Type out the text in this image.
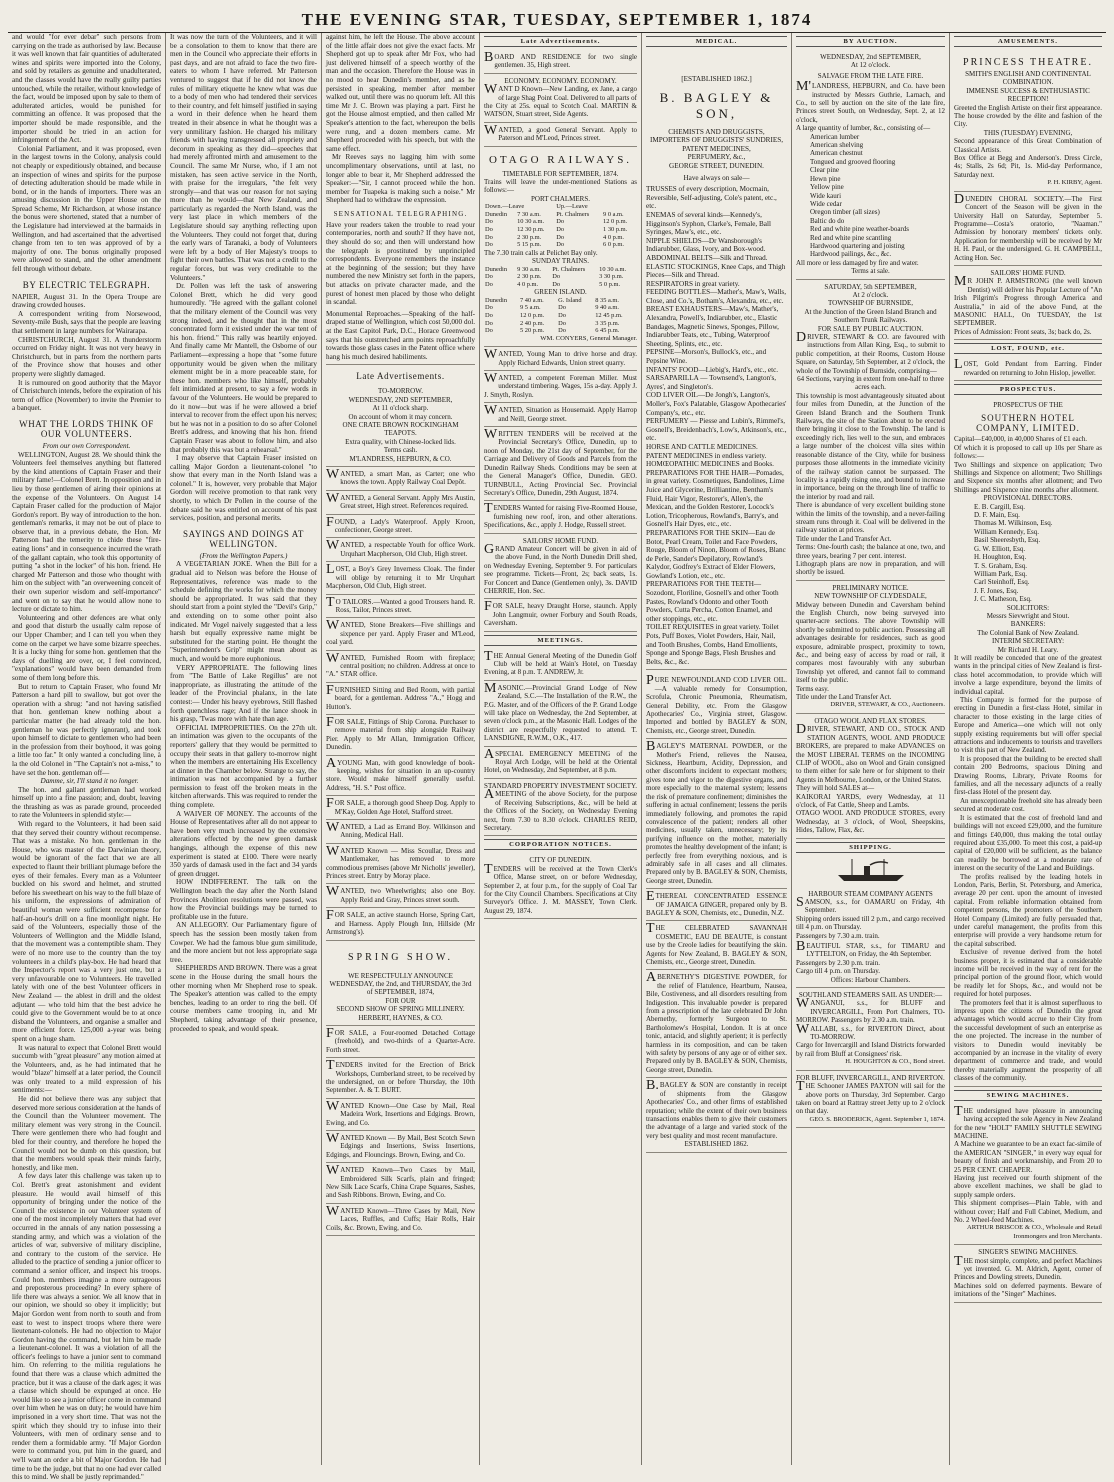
THE EVENING STAR, TUESDAY, SEPTEMBER 1, 1874

and would "for ever debar" such persons from carrying on the trade as authorised by law. Because it was well known that fair quantities of adulterated wines and spirits were imported into the Colony, and sold by retailers as genuine and unadulterated, and the classes would have the really guilty parties untouched, while the retailer, without knowledge of the fact, would be imposed upon by sale to them of adulterated articles, would be punished for committing an offence. It was proposed that the importer should be made responsible, and the importer should be tried in an action for infringement of the Act.

Colonial Parliament, and it was proposed, even in the largest towns in the Colony, analysis could not cheaply or expeditiously obtained, and because an inspection of wines and spirits for the purpose of detecting adulteration should be made while in bond, or in the hands of importers. There was an amusing discussion in the Upper House on the Spread Scheme, Mr Richardson, at whose instance the bonus were shortened, stated that a number of the Legislature had interviewed at the barmaids in Wellington, and had ascertained that the advertised change from ten to ten was approved of by a majority of one. The bonus originally proposed were allowed to stand, and the other amendment fell through without debate.

BY ELECTRIC TELEGRAPH.

NAPIER, August 31. In the Opera Troupe are drawing crowded houses.

A correspondent writing from Norsewood, Seventy-mile Bush, says that the people are leaving that settlement in large numbers for Wairarapa.

CHRISTCHURCH, August 31. A thunderstorm occurred on Friday night. It was not very heavy in Christchurch, but in parts from the northern parts of the Province show that houses and other property were slightly damaged.

It is rumoured on good authority that the Mayor of Christchurch intends, before the expiration of his term of office (November) to invite the Premier to a banquet.

WHAT THE LORDS THINK OF OUR VOLUNTEERS.

From our own Correspondent.

WELLINGTON, August 28. We should think the Volunteers feel themselves anything but flattered by the kind attentions of Captain Fraser and their military fame!—Colonel Brett. In opposition and in lieu by those gentlemen of airing their opinions at the expense of the Volunteers. On August 14 Captain Fraser called for the production of Major Gordon's report. By way of introduction to the hon. gentleman's remarks, it may not be out of place to observe that, in a previous debate, the Hon. Mr Patterson had the temerity to chide these "fire-eating lions" and in consequence incurred the wrath of the gallant captain, who took this opportunity of putting "a shot in the locker" of his hon. friend. He charged Mr Patterson and those who thought with him on the subject with "an overweening conceit of their own superior wisdom and self-importance" and went on to say that he would allow none to lecture or dictate to him.

Volunteering and other defences are what only and good that disturb the usually calm repose of our Upper Chamber; and I can tell you when they come on the carpet we have some bizarre speeches. It is a lucky thing for some hon. gentlemen that the days of duelling are over, or, I feel convinced, "explanations" would have been demanded from some of them long before this.

But to return to Captain Fraser, who found Mr Patterson a hard pill to swallow, but got over the operation with a shrug: "and not having satisfied that hon. gentleman knew nothing about a particular matter (he had already told the hon. gentleman he was perfectly ignorant), and took upon himself to dictate to gentlemen who had been in the profession from their boyhood, it was going a little too far." It only wanted a concluding line, à la the old Colonel in "The Captain's not a-miss," to have set the hon. gentleman off—

Damme, sir, I'll stand it no longer.

The hon. and gallant gentleman had worked himself up into a fine passion; and, doubt, leaving the thrashing as was as parade ground, proceeded to rate the Volunteers in splendid style:—

With regard to the Volunteers, it had been said that they served their country without recompense. That was a mistake. No hon. gentleman in the House, who was master of the Darwinian theory, would be ignorant of the fact that we are all expected to flaunt their brilliant plumage before the eyes of their females. Every man as a Volunteer buckled on his sword and helmet, and strutted before his sweetheart on his way to the full blaze of his uniform, the expressions of admiration of beautiful woman were sufficient recompense for half-an-hour's drill on a fine moonlight night. He said of the Volunteers, especially those of the Volunteers of Wellington and the Middle Island, that the movement was a contemptible sham. They were of no more use to the country than the toy volunteers in a child's play-box. He had heard that the Inspector's report was a very just one, but a very unfavourable one to Volunteers. He travelled lately with one of the best Volunteer officers in New Zealand — the ablest in drill and the oldest adjutant — who told him that the best advice he could give to the Government would be to at once disband the Volunteers, and organise a smaller and more efficient force. 125,000 a-year was being spent on a huge sham.

It was natural to expect that Colonel Brett would succumb with "great pleasure" any motion aimed at the Volunteers, and, as he had intimated that he would "blaze" himself at a later period, the Council was only treated to a mild expression of his sentiments:—

He did not believe there was any subject that deserved more serious consideration at the hands of the Council than the Volunteer movement. The military element was very strong in the Council. There were gentlemen there who had fought and bled for their country, and therefore he hoped the Council would not be dumb on this question, but that the members would speak their minds fairly, honestly, and like men.

A few days later this challenge was taken up to Col. Brett's great astonishment and evident pleasure. He would avail himself of this opportunity of bringing under the notice of the Council the existence in our Volunteer system of one of the most incompletely matters that had ever occurred in the annals of any nation possessing a standing army, and which was a violation of the articles of war, subversive of military discipline, and contrary to the custom of the service. He alluded to the practice of sending a junior officer to command a senior officer, and inspect his troops. Could hon. members imagine a more outrageous and preposterous proceeding? In every sphere of life there was always a senior. We all know that in our opinion, we should so obey it implicitly; but Major Gordon went from north to south and from east to west to inspect troops where there were lieutenant-colonels. He had no objection to Major Gordon having the command, but let him be made a lieutenant-colonel. It was a violation of all the officer's feelings to have a junior sent to command him. On referring to the militia regulations he found that there was a clause which admitted the practice, but it was a clause of the dark ages; it was a clause which should be expunged at once. He would like to see a junior officer come in command over him when he was on duty; he would have him imprisoned in a very short time. That was not the spirit which they should try to infuse into their Volunteers, with men of ordinary sense and to render them a formidable army. "If Major Gordon were to command you, put him in the guard, and we'll want an order a bit of Major Gordon. He had time to be the judge, but that no one had ever called this to mind. We shall be justly reprimanded."

It was now the turn of the Volunteers, and it will be a consolation to them to know that there are men in the Council who appreciate their efforts in past days, and are not afraid to face the two fire-eaters to whom I have referred. Mr Patterson ventured to suggest that if he did not know the rules of military etiquette he knew what was due to a body of men who had tendered their services to their country, and felt himself justified in saying a word in their defence when he heard them treated in their absence in what he thought was a very unmilitary fashion. He charged his military friends with having transgressed all propriety and decorum in speaking as they did—speeches that had merely affronted mirth and amusement to the Council. The same Mr Nurse, who, if I am not mistaken, has seen active service in the North, with praise for the irregulars, "the felt very strongly—and that was our reason for not saying more than he would—that New Zealand, and particularly as regarded the North Island, was the very last place in which members of the Legislature should say anything reflecting upon the Volunteers. They could not forget that, during the early wars of Taranaki, a body of Volunteers were left by a body of Her Majesty's troops to fight their own battles. That was not a credit to the regular forces, but was very creditable to the Volunteers."

Dr. Pollen was left the task of answering Colonel Brett, which he did very good humouredly. "He agreed with the gallant colonel that the military element of the Council was very strong indeed, and he thought that in the most concentrated form it existed under the war tent of his hon. friend." This rally was heartily enjoyed. And finally came Mr Mantell, the Osborne of our Parliament—expressing a hope that "some future opportunity would be given when the military element might be in a more peaceable state, for these hon. members who like himself, probably felt intimidated at present, to say a few words in favour of the Volunteers. He would be prepared to do it now—but was if he were allowed a brief interval to recover from the effect upon his nerves; but he was not in a position to do so after Colonel Brett's address, and knowing that his hon. friend Captain Fraser was about to follow him, and also that probably this was but a rehearsal."

I may observe that Captain Fraser insisted on calling Major Gordon a lieutenant-colonel "to show that every man in the North Island was a colonel." It is, however, very probable that Major Gordon will receive promotion to that rank very shortly, to which Dr Pollen in the course of the debate said he was entitled on account of his past services, position, and personal merits.

SAYINGS AND DOINGS AT WELLINGTON.

(From the Wellington Papers.)

A VEGETARIAN JOKE. When the Bill for a gradual aid to Nelson was before the House of Representatives, reference was made to the schedule defining the works for which the money should be appropriated. It was said that they should start from a point styled the "Devil's Grip," and extending on to some other point also indicated. Mr Vogel naively suggested that a less harsh but equally expressive name might be substituted for the starting point. He thought the "Superintendent's Grip" might mean about as much, and would be more euphonious.

VERY APPROPRIATE. The following lines from "The Battle of Lake Regillus" are not inappropriate, as illustrating the attitude of the leader of the Provincial phalanx, in the late contest:— Under his heavy eyebrows, Still flashed forth quenchless rage; And if the lance shook in his grasp, 'Twas more with hate than age.

OFFICIAL IMPROPRIETIES. On the 27th ult. an intimation was given to the occupants of the reporters' gallery that they would be permitted to occupy their seats in that gallery to-morrow night when the members are entertaining His Excellency at dinner in the Chamber below. Strange to say, the intimation was not accompanied by a further permission to feast off the broken meats in the kitchen afterwards. This was required to render the thing complete.

A WAIVER OF MONEY. The accounts of the House of Representatives after all do not appear to have been very much increased by the extensive alterations effected by the new green damask hangings, although the expense of this new experiment is stated at £100. There were nearly 350 yards of damask used in the fact and 34 yards of green drugget.

HOW INDIFFERENT. The talk on the Wellington beach the day after the North Island Provinces Abolition resolutions were passed, was how the Provincial buildings may be turned to profitable use in the future.

AN ALLEGORY. Our Parliamentary figure of speech has the session been mostly taken from Cowper. We had the famous blue gum similitude, and the more ancient but not less appropriate saga tree.

SHEPHERDS AND BROWN. There was a great scene in the House during the small hours the other morning when Mr Shepherd rose to speak. The Speaker's attention was called to the empty benches, leading to an order to ring the bell. Of course members came trooping in, and Mr Shepherd, taking advantage of their presence, proceeded to speak, and would speak.

against him, he left the House. The above account of the little affair does not give the exact facts. Mr Shepherd got up to speak after Mr Fox, who had just delivered himself of a speech worthy of the man and the occasion. Therefore the House was in no mood to hear Dunedin's member, and as he persisted in speaking, member after member walked out, until there was no quorum left. All this time Mr J. C. Brown was playing a part. First he got the House almost emptied, and then called Mr Speaker's attention to the fact, whereupon the bells were rung, and a dozen members came. Mr Shepherd proceeded with his speech, but with the same effect.

Mr Reeves says no lagging him with some uncomplimentary observations, until at last, no longer able to bear it, Mr Shepherd addressed the Speaker:—"Sir, I cannot proceed while the hon. member for Tuapeka is making such a noise." Mr Shepherd had to withdraw the expression.

SENSATIONAL TELEGRAPHING.

Have your readers taken the trouble to read your contemporaries, north and south? If they have not, they should do so; and then will understand how the telegraph is prostituted by unprincipled correspondents. Everyone remembers the instance at the beginning of the session; but they have numbered the new Ministry set forth in the papers, but attacks on private character made, and the purest of honest men placed by those who delight in scandal.

Monumental Reproaches.—Speaking of the half-draped statue of Wellington, which cost 50,000 dol. at the East Capitol Park, D.C., Horace Greenwood says that his outstretched arm points reproachfully towards those glass cases in the Patent office where hang his much desired habiliments.

Late Advertisements.

TO-MORROW.

WEDNESDAY, 2ND SEPTEMBER,

At 11 o'clock sharp.

On account of whom it may concern.

ONE CRATE BROWN ROCKINGHAM TEAPOTS.

Extra quality, with Chinese-locked lids.

Terms cash.

M'LANDRESS, HEPBURN, & CO.

WANTED, a smart Man, as Carter; one who knows the town. Apply Railway Coal Depôt.

WANTED, a General Servant. Apply Mrs Austin, Great street, High street. References required.

FOUND, a Lady's Waterproof. Apply Kroon, confectioner, George street.

WANTED, a respectable Youth for office Work. Urquhart Macpherson, Old Club, High street.

LOST, a Boy's Grey Inverness Cloak. The finder will oblige by returning it to Mr Urquhart Macpherson, Old Club, High street.

TO TAILORS.—Wanted a good Trousers hand. R. Ross, Tailor, Princes street.

WANTED, Stone Breakers—Five shillings and sixpence per yard. Apply Fraser and M'Leod, coal yard.

WANTED, Furnished Room with fireplace; central position; no children. Address at once to "A." STAR office.

FURNISHED Sitting and Bed Room, with partial board, for a gentleman. Address "A.," Hogg and Hutton's.

FOR SALE, Fittings of Ship Corona. Purchaser to remove material from ship alongside Railway Pier. Apply to Mr Allan, Immigration Officer, Dunedin.

AYOUNG Man, with good knowledge of book-keeping, wishes for situation in an up-country store. Would make himself generally useful. Address, "H. S." Post office.

FOR SALE, a thorough good Sheep Dog. Apply to M'Kay, Golden Age Hotel, Stafford street.

WANTED, a Lad as Errand Boy. Wilkinson and Anning, Medical Hall.

WANTED Known — Miss Scoullar, Dress and Mantlemaker, has removed to more commodious premises (above Mr Nicholls' jeweller), Princes street. Entry by Moray place.

WANTED, two Wheelwrights; also one Boy. Apply Reid and Gray, Princes street south.

FOR SALE, an active staunch Horse, Spring Cart, and Harness. Apply Plough Inn, Hillside (Mr Armstrong's).

SPRING SHOW.

WE RESPECTFULLY ANNOUNCE

WEDNESDAY, the 2nd, and THURSDAY, the 3rd of SEPTEMBER, 1874,

FOR OUR

SECOND SHOW OF SPRING MILLINERY.

HERBERT, HAYNES, & CO.

FOR SALE, a Four-roomed Detached Cottage (freehold), and two-thirds of a Quarter-Acre. Forth street.

TENDERS invited for the Erection of Brick Workshops, Cumberland street, to be received by the undersigned, on or before Thursday, the 10th September. A. & T. BURT.

WANTED Known—One Case by Mail, Real Madeira Work, Insertions and Edgings. Brown, Ewing, and Co.

WANTED Known — By Mail, Best Scotch Sewn Edgings and Insertions, Swiss Insertions, Edgings, and Flouncings. Brown, Ewing, and Co.

WANTED Known—Two Cases by Mail, Embroidered Silk Scarfs, plain and fringed; New Silk Lace Scarfs, China Crape Squares, Sashes, and Sash Ribbons. Brown, Ewing, and Co.

WANTED Known—Three Cases by Mail, New Laces, Ruffles, and Cuffs; Hair Rolls, Hair Coils, &c. Brown, Ewing, and Co.

Late Advertisements.

BOARD AND RESIDENCE for two single gentlemen. 35, High street.

ECONOMY. ECONOMY. ECONOMY.

WANT D Known—New Landing, ex Jane, a cargo of large Shag Point Coal. Delivered to all parts of the City at 25s. equal to Scotch Coal. MARTIN & WATSON, Stuart street, Side Agents.

WANTED, a good General Servant. Apply to Paterson and M'Leod, Princes street.

OTAGO RAILWAYS.

TIMETABLE FOR SEPTEMBER, 1874.

Trains will leave the under-mentioned Stations as follows:—

PORT CHALMERS.

Down.—Leave		Up.—Leave	
Dunedin	7 30 a.m.	Pt. Chalmers	9 0 a.m.
Do	10 30 a.m.	Do	12 0 p.m.
Do	12 30 p.m.	Do	1 30 p.m.
Do	2 30 p.m.	Do	4 0 p.m.
Do	5 15 p.m.	Do	6 0 p.m.

The 7.30 train calls at Pelichet Bay only.

SUNDAY TRAINS.

Dunedin	9 30 a.m.	Pt. Chalmers	10 30 a.m.
Do	2 30 p.m.	Do	3 30 p.m.
Do	4 0 p.m.	Do	5 0 p.m.

GREEN ISLAND.

Dunedin	7 40 a.m.	G. Island	8 35 a.m.
Do	9 5 a.m.	Do	9 40 a.m.
Do	12 0 p.m.	Do	12 45 p.m.
Do	2 40 p.m.	Do	3 35 p.m.
Do	5 20 p.m.	Do	6 45 p.m.

WM. CONYERS, General Manager.

WANTED, Young Man to drive horse and dray. Apply Richard Edwards, Union street quarry.

WANTED, a competent Foreman Miller. Must understand timbering. Wages, 15s a-day. Apply J. J. Smyth, Roslyn.

WANTED, Situation as Housemaid. Apply Harrop and Neill, George street.

WRITTEN TENDERS will be received at the Provincial Secretary's Office, Dunedin, up to noon of Monday, the 21st day of September, for the Carriage and Delivery of Goods and Parcels from the Dunedin Railway Sheds. Conditions may be seen at the General Manager's Office, Dunedin. GEO. TURNBULL, Acting Provincial Sec. Provincial Secretary's Office, Dunedin, 29th August, 1874.

TENDERS Wanted for raising Five-Roomed House, furnishing new roof, iron, and other alterations. Specifications, &c., apply J. Hodge, Russell street.

SAILORS' HOME FUND.

GRAND Amateur Concert will be given in aid of the above Fund, in the North Dunedin Drill shed, on Wednesday Evening, September 9. For particulars see programme. Tickets—Front, 2s; back seats, 1s. For Concert and Dance (Gentlemen only), 3s. DAVID CHERRIE, Hon. Sec.

FOR SALE, heavy Draught Horse, staunch. Apply John Langmuir, owner Forbury and South Roads, Caversham.

MEETINGS.

THE Annual General Meeting of the Dunedin Golf Club will be held at Wain's Hotel, on Tuesday Evening, at 8 p.m. T. ANDREW, Jr.

MASONIC.—Provincial Grand Lodge of New Zealand, S.C.—The Installation of the R.W., the P.G. Master, and of the Officers of the P. Grand Lodge will take place on Wednesday, the 2nd September, at seven o'clock p.m., at the Masonic Hall. Lodges of the district are respectfully requested to attend. T. LANSDIGNE, R.W.M., O.K., 417.

ASPECIAL EMERGENCY MEETING of the Royal Arch Lodge, will be held at the Oriental Hotel, on Wednesday, 2nd September, at 8 p.m.

STANDARD PROPERTY INVESTMENT SOCIETY.

AMEETING of the above Society, for the purpose of Receiving Subscriptions, &c., will be held at the Offices of the Society, on Wednesday Evening next, from 7.30 to 8.30 o'clock. CHARLES REID, Secretary.

CORPORATION NOTICES.

CITY OF DUNEDIN.

TENDERS will be received at the Town Clerk's Office, Manse street, on or before Wednesday, September 2, at four p.m., for the supply of Coal Tar for the City Council Chambers. Specifications at City Surveyor's Office. J. M. MASSEY, Town Clerk. August 29, 1874.

MEDICAL.

[ESTABLISHED 1862.]

B. BAGLEY & SON,

CHEMISTS AND DRUGGISTS,

IMPORTERS OF DRUGGISTS' SUNDRIES, PATENT MEDICINES,

PERFUMERY, &c.,

GEORGE STREET, DUNEDIN.

Have always on sale—

TRUSSES of every description, Mocmain, Reversible, Self-adjusting, Cole's patent, etc., etc.

ENEMAS of several kinds—Kennedy's, Higginson's Syphon, Clarke's, Female, Ball Syringes, Maw's, etc., etc.

NIPPLE SHIELDS—Dr Wansborough's Indiarubber, Glass, Ivory, and Box-wood.

ABDOMINAL BELTS—Silk and Thread. ELASTIC STOCKINGS, Knee Caps, and Thigh Pieces—Silk and Thread.

RESPIRATORS in great variety.

FEEDING BOTTLES—Mather's, Maw's, Walls, Close, and Co.'s, Botham's, Alexandra, etc., etc.

BREAST EXHAUSTERS—Maw's, Mather's, Alexandra, Powell's, Indiarubber, etc., Elastic Bandages, Magnetic Sinews, Sponges, Pillow, Indiarubber Teats, etc., Tubing, Waterproof Sheeting, Splints, etc., etc.

PEPSINE—Morson's, Bullock's, etc., and Pepsine Wine.

INFANTS' FOOD—Liebig's, Hard's, etc., etc.

SARSAPARILLA — Townsend's, Langton's, Ayres', and Singleton's.

COD LIVER OIL—De Jongh's, Langton's, Moller's, Fox's Palatable, Glasgow Apothecaries' Company's, etc., etc.

PERFUMERY — Piesse and Lubin's, Rimmel's, Gosnell's, Breidenbach's, Low's, Atkinson's, etc., etc.

HORSE AND CATTLE MEDICINES.

PATENT MEDICINES in endless variety.

HOMŒOPATHIC MEDICINES and Books.

PREPARATIONS FOR THE HAIR—Pomades, in great variety. Cosmetiques, Bandolines, Lime Juice and Glycerine, Brilliantine, Bentham's Fluid, Hair Vigor, Restorer's, Allen's, the Mexican, and the Golden Restorer, Locock's Lotion, Tricopherous, Rowland's, Barry's, and Gosnell's Hair Dyes, etc., etc.

PREPARATIONS FOR THE SKIN—Eau de Botot, Pearl Cream, Toilet and Face Powders, Rouge, Bloom of Ninon, Bloom of Roses, Blanc de Perle, Sander's Depilatory, Rowland's Kalydor, Godfrey's Extract of Elder Flowers, Gowland's Lotion, etc., etc.

PREPARATIONS FOR THE TEETH—Sozodont, Floriline, Gosnell's and other Tooth Pastes, Rowland's Odonto and other Tooth Powders, Cutta Percha, Cotton Enamel, and other stoppings, etc., etc.

TOILET REQUISITES in great variety. Toilet Pots, Puff Boxes, Violet Powders, Hair, Nail, and Tooth Brushes, Combs, Hand Emollients, Sponge and Sponge Bags, Flesh Brushes and Belts, &c., &c.

PURE NEWFOUNDLAND COD LIVER OIL.—A valuable remedy for Consumption, Scrofula, Chronic Pneumonia, Rheumatism, General Debility, etc. From the Glasgow Apothecaries' Co., Virginia street, Glasgow. Imported and bottled by BAGLEY & SON, Chemists, etc., George street, Dunedin.

BAGLEY'S MATERNAL POWDER, or the Mother's Friend, relieves the Nausea, Sickness, Heartburn, Acidity, Depression, and other discomforts incident to expectant mothers; gives tone and vigor to the digestive organs, and more especially to the maternal system; lessens the risk of premature confinement; diminishes the suffering in actual confinement; lessens the perils immediately following, and promotes the rapid convalescence of the patient; renders all other medicines, usually taken, unnecessary; by its purifying influence on the mother, materially promotes the healthy development of the infant; is perfectly free from everything noxious, and is admirably safe in all cases and all climates. Prepared only by B. BAGLEY & SON, Chemists, George street, Dunedin.

ETHEREAL CONCENTRATED ESSENCE OF JAMAICA GINGER, prepared only by B. BAGLEY & SON, Chemists, etc., Dunedin, N.Z.

THE CELEBRATED SAVANNAH COSMETIC, EAU DE BEAUTE, is constant use by the Creole ladies for beautifying the skin. Agents for New Zealand, B. BAGLEY & SON, Chemists, etc., George street, Dunedin.

ABERNETHY'S DIGESTIVE POWDER, for the relief of Flatulence, Heartburn, Nausea, Bile, Costiveness, and all disorders resulting from Indigestion. This invaluable powder is prepared from a prescription of the late celebrated Dr John Abernethy, formerly Surgeon to St. Bartholomew's Hospital, London. It is at once tonic, antacid, and slightly aperient; it is perfectly harmless in its composition, and can be taken with safety by persons of any age or of either sex. Prepared only by B. BAGLEY & SON, Chemists, George street, Dunedin.

B.BAGLEY & SON are constantly in receipt of shipments from the Glasgow Apothecaries' Co., and other firms of established reputation; while the extent of their own business transactions enables them to give their customers the advantage of a large and varied stock of the very best quality and most recent manufacture.

ESTABLISHED 1862.

BY AUCTION.

WEDNESDAY, 2nd SEPTEMBER,

At 12 o'clock.

SALVAGE FROM THE LATE FIRE.

M'LANDRESS, HEPBURN, and Co. have been instructed by Messrs Guthrie, Larnach, and Co., to sell by auction on the site of the late fire, Princes street South, on Wednesday, Sept. 2, at 12 o'clock,

A large quantity of lumber, &c., consisting of—

American lumber

American shelving

American chestnut

Tongued and grooved flooring

Clear pine

Hewn pine

Yellow pine

Wide kauri

Wide cedar

Oregon timber (all sizes)

Baltic do do

Red and white pine weather-boards

Red and white pine scantling

Hardwood quartering and joisting

Hardwood pailings, &c., &c.

All more or less damaged by fire and water.

Terms at sale.

SATURDAY, 5th SEPTEMBER,

At 2 o'clock.

TOWNSHIP OF BURNSIDE,

At the Junction of the Green Island Branch and Southern Trunk Railways.

FOR SALE BY PUBLIC AUCTION.

DRIVER, STEWART & CO. are favoured with instructions from Allan King, Esq., to submit to public competition, at their Rooms, Custom House Square, on Saturday, 5th September, at 2 o'clock, the whole of the Township of Burnside, comprising—

64 Sections, varying in extent from one-half to three acres each.

This township is most advantageously situated about four miles from Dunedin, at the Junction of the Green Island Branch and the Southern Trunk Railways, the site of the Station about to be erected there bringing it close to the Township. The land is exceedingly rich, lies well to the sun, and embraces a large number of the choicest villa sites within reasonable distance of the City, while for business purposes those allotments in the immediate vicinity of the railway station cannot be surpassed. The locality is a rapidly rising one, and bound to increase in importance, being on the through line of traffic to the interior by road and rail.

There is abundance of very excellent building stone within the limits of the township, and a never-failing stream runs through it. Coal will be delivered in the railway station at prices.

Title under the Land Transfer Act.

Terms: One-fourth cash; the balance at one, two, and three years, bearing 7 per cent. interest.

Lithograph plans are now in preparation, and will shortly be issued.

PRELIMINARY NOTICE.

NEW TOWNSHIP OF CLYDESDALE,

Midway between Dunedin and Caversham behind the English Church, now being surveyed into quarter-acre sections. The above Township will shortly be submitted to public auction. Possessing all advantages desirable for residences, such as good exposure, admirable prospect, proximity to town, &c., and being easy of access by road or rail, it compares most favourably with any suburban Township yet offered, and cannot fail to command itself to the public.

Terms easy.

Title under the Land Transfer Act.

DRIVER, STEWART, & CO., Auctioneers.

OTAGO WOOL AND FLAX STORES.

DRIVER, STEWART, AND CO., STOCK AND STATION AGENTS, WOOL AND PRODUCE BROKERS, are prepared to make ADVANCES on the MOST LIBERAL TERMS on the INCOMING CLIP of WOOL, also on Wool and Grain consigned to them either for sale here or for shipment to their Agents in Melbourne, London, or the United States.

They will hold SALES at—

KAIKORAI YARDS, every Wednesday, at 11 o'clock, of Fat Cattle, Sheep and Lambs.

OTAGO WOOL AND PRODUCE STORES, every Wednesday, at 3 o'clock, of Wool, Sheepskins, Hides, Tallow, Flax, &c.

SHIPPING.

HARBOUR STEAM COMPANY AGENTS

SAMSON, s.s., for OAMARU on Friday, 4th September.

Shipping orders issued till 2 p.m., and cargo received till 4 p.m. on Thursday.

Passengers by 7.30 a.m. train.

BEAUTIFUL STAR, s.s., for TIMARU and LYTTELTON, on Friday, the 4th September.

Passengers by 2.30 p.m. train.

Cargo till 4 p.m. on Thursday.

Offices: Harbour Chambers.

SOUTHLAND STEAMERS SAIL AS UNDER:—

WANGANUI, s.s., for BLUFF and INVERCARGILL, From Port Chalmers, TO-MORROW. Passengers by 2.30 a.m. train.

WALLABI, s.s., for RIVERTON Direct, about TO-MORROW.

Cargo for Invercargill and Island Districts forwarded by rail from Bluff at Consignees' risk.

H. HOUGHTON & CO., Bond street.

FOR BLUFF, INVERCARGILL, AND RIVERTON.

THE Schooner JAMES PAXTON will sail for the above ports on Thursday, 3rd September. Cargo taken on board at Rattray street Jetty up to 2 o'clock on that day.

GEO. S. BRODERICK, Agent. September 1, 1874.

AMUSEMENTS.
PRINCESS THEATRE.

SMITH'S ENGLISH AND CONTINENTAL COMBINATION.

IMMENSE SUCCESS & ENTHUSIASTIC RECEPTION!

Greeted the English Artiste on their first appearance. The house crowded by the élite and fashion of the City.

THIS (TUESDAY) EVENING,

Second appearance of this Great Combination of Classical Artists.

Box Office at Begg and Anderson's. Dress Circle, 4s; Stalls, 2s 6d; Pit, 1s. Mid-day Performance, Saturday next.

P. H. KIRBY, Agent.

DUNEDIN CHORAL SOCIETY.—The First Concert of the Season will be given in the University Hall on Saturday, September 5. Programme—Costa's oratorio, "Naaman." Admission by honorary members' tickets only. Application for membership will be received by Mr H. H. Paul, or the undersigned. G. H. CAMPBELL, Acting Hon. Sec.

SAILORS' HOME FUND.

MR JOHN P. ARMSTRONG (the well known Dentist) will deliver his Popular Lecture of "An Irish Pilgrim's Progress through America and Australia," in aid of the above Fund, at the MASONIC HALL, On TUESDAY, the 1st SEPTEMBER.

Prices of Admission: Front seats, 3s; back do, 2s.

LOST, FOUND, etc.

LOST, Gold Pendant from Earring. Finder rewarded on returning to John Hislop, jeweller.

PROSPECTUS.

PROSPECTUS OF THE

SOUTHERN HOTEL COMPANY, LIMITED.

Capital—£40,000, in 40,000 Shares of £1 each.

Of which it is proposed to call up 10s per Share as follows:—

Two Shillings and sixpence on application; Two Shillings and Sixpence on allotment; Two Shillings and Sixpence six months after allotment; and Two Shillings and Sixpence nine months after allotment.

PROVISIONAL DIRECTORS.

E. B. Cargill, Esq.

D. F. Main, Esq.

Thomas M. Wilkinson, Esq.

William Kennedy, Esq.

Basil Sheeresbyth, Esq.

G. W. Elliott, Esq.

H. Houghton, Esq.

T. S. Graham, Esq.

William Park, Esq.

Carl Steinhoff, Esq.

J. F. Jones, Esq.

J. C. Matheson, Esq.

SOLICITORS:

Messrs Sievwright and Stout.

BANKERS:

The Colonial Bank of New Zealand.

INTERIM SECRETARY:

Mr Richard H. Leary.

It will readily be conceded that one of the greatest wants in the principal cities of New Zealand is first-class hotel accommodation, to provide which will involve a large expenditure, beyond the limits of individual capital.

This Company is formed for the purpose of erecting in Dunedin a first-class Hotel, similar in character to those existing in the large cities of Europe and America—one which will not only supply existing requirements but will offer special attractions and inducements to tourists and travellers to visit this part of New Zealand.

It is proposed that the building to be erected shall contain 200 Bedrooms, spacious Dining and Drawing Rooms, Library, Private Rooms for families, and all the necessary adjuncts of a really first-class Hotel of the present day.

An unexceptionable freehold site has already been secured at moderate cost.

It is estimated that the cost of freehold land and buildings will not exceed £29,000, and the furniture and fittings £40,000, thus making the total outlay required about £35,000. To meet this cost, a paid-up capital of £20,000 will be sufficient, as the balance can readily be borrowed at a moderate rate of interest on the security of the Land and Buildings.

The profits realised by the leading hotels in London, Paris, Berlin, St. Petersburg, and America, average 20 per cent. upon the amount of invested capital. From reliable information obtained from competent persons, the promoters of the Southern Hotel Company (Limited) are fully persuaded that, under careful management, the profits from this enterprise will provide a very handsome return for the capital subscribed.

Exclusive of revenue derived from the hotel business proper, it is estimated that a considerable income will be received in the way of rent for the principal portion of the ground floor, which would be readily let for Shops, &c., and would not be required for hotel purposes.

The promoters feel that it is almost superfluous to impress upon the citizens of Dunedin the great advantages which would accrue to their City from the successful development of such an enterprise as the one projected. The increase in the number of visitors to Dunedin would inevitably be accompanied by an increase in the vitality of every department of commerce and trade, and would thereby materially augment the prosperity of all classes of the community.

SEWING MACHINES.

THE undersigned have pleasure in announcing having accepted the sole Agency in New Zealand for the new "HOLT" FAMILY SHUTTLE SEWING MACHINE.

A Machine we guarantee to be an exact fac-simile of the AMERICAN "SINGER," in every way equal for beauty of finish and workmanship, and From 20 to 25 PER CENT. CHEAPER.

Having just received our fourth shipment of the above excellent machines, we shall be glad to supply sample orders.

This shipment comprises—Plain Table, with and without cover; Half and Full Cabinet, Medium, and No. 2 Wheel-feed Machines.

ARTHUR BRISCOE & CO., Wholesale and Retail Ironmongers and Iron Merchants.

SINGER'S SEWING MACHINES.

THE most simple, complete, and perfect Machines yet invented. G. M. Aldrich, Agent, corner of Princes and Dowling streets, Dunedin.

Machines sold on deferred payments. Beware of imitations of the "Singer" Machines.
